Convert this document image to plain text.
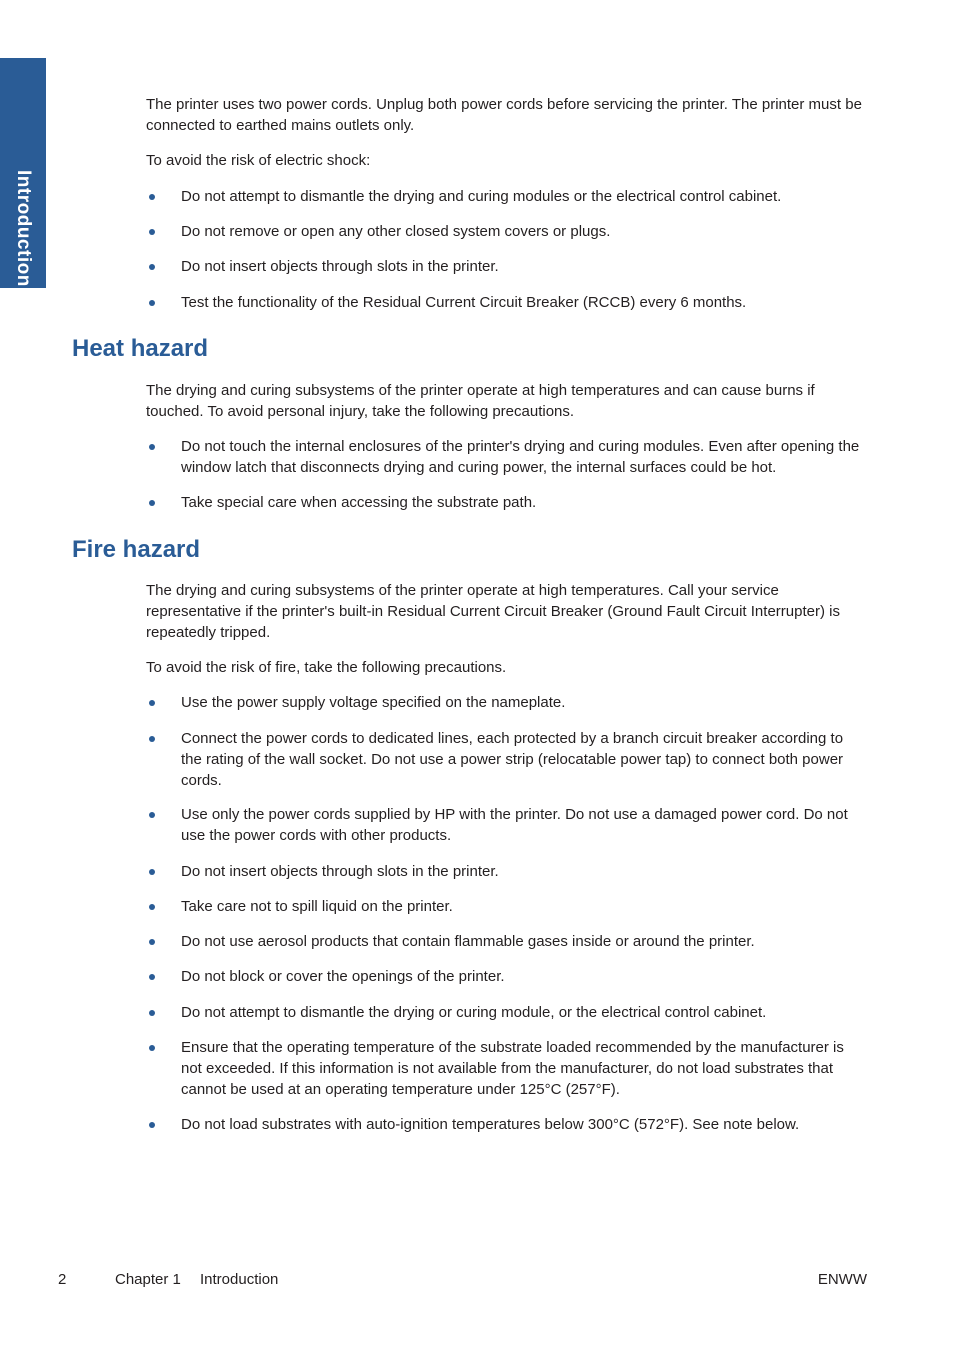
Introduction

The printer uses two power cords. Unplug both power cords before servicing the printer. The printer must be connected to earthed mains outlets only.

To avoid the risk of electric shock:

Do not attempt to dismantle the drying and curing modules or the electrical control cabinet.
Do not remove or open any other closed system covers or plugs.
Do not insert objects through slots in the printer.
Test the functionality of the Residual Current Circuit Breaker (RCCB) every 6 months.
Heat hazard

The drying and curing subsystems of the printer operate at high temperatures and can cause burns if touched. To avoid personal injury, take the following precautions.

Do not touch the internal enclosures of the printer's drying and curing modules. Even after opening the window latch that disconnects drying and curing power, the internal surfaces could be hot.
Take special care when accessing the substrate path.
Fire hazard

The drying and curing subsystems of the printer operate at high temperatures. Call your service representative if the printer's built-in Residual Current Circuit Breaker (Ground Fault Circuit Interrupter) is repeatedly tripped.

To avoid the risk of fire, take the following precautions.

Use the power supply voltage specified on the nameplate.
Connect the power cords to dedicated lines, each protected by a branch circuit breaker according to the rating of the wall socket. Do not use a power strip (relocatable power tap) to connect both power cords.
Use only the power cords supplied by HP with the printer. Do not use a damaged power cord. Do not use the power cords with other products.
Do not insert objects through slots in the printer.
Take care not to spill liquid on the printer.
Do not use aerosol products that contain flammable gases inside or around the printer.
Do not block or cover the openings of the printer.
Do not attempt to dismantle the drying or curing module, or the electrical control cabinet.
Ensure that the operating temperature of the substrate loaded recommended by the manufacturer is not exceeded. If this information is not available from the manufacturer, do not load substrates that cannot be used at an operating temperature under 125°C (257°F).
Do not load substrates with auto-ignition temperatures below 300°C (572°F). See note below.
2	Chapter 1 Introduction	ENWW
